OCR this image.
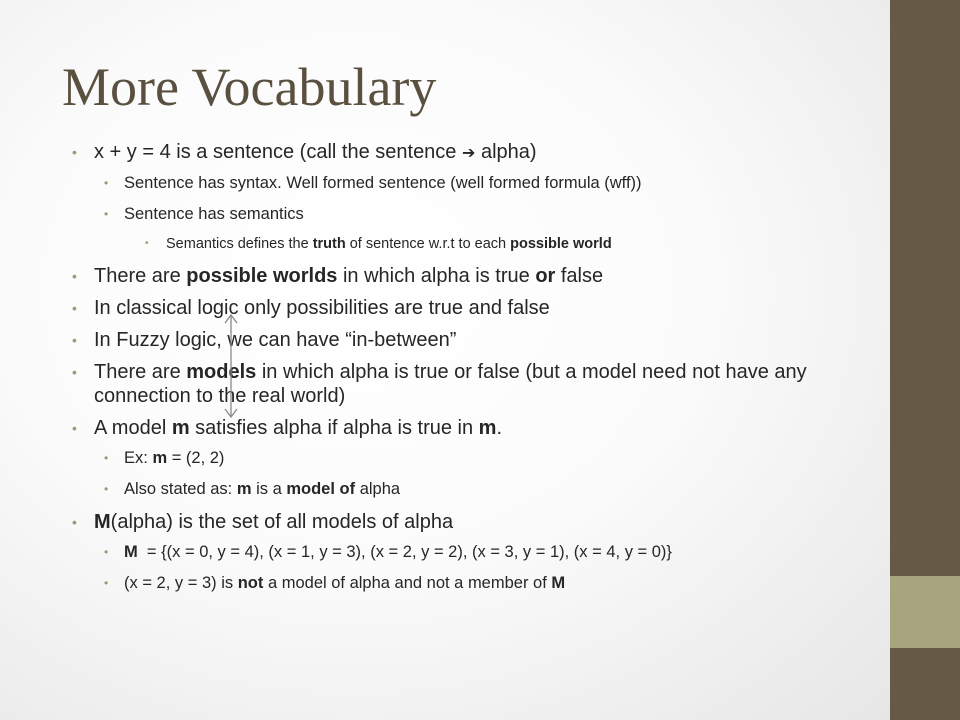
More Vocabulary
• x + y = 4 is a sentence (call the sentence ➔ alpha)
• Sentence has syntax. Well formed sentence (well formed formula (wff))
• Sentence has semantics
• Semantics defines the truth of sentence w.r.t to each possible world
• There are possible worlds in which alpha is true or false
• In classical logic only possibilities are true and false
• In Fuzzy logic, we can have “in-between”
• There are models in which alpha is true or false (but a model need not have any connection to the real world)
• A model m satisfies alpha if alpha is true in m.
• Ex: m = (2, 2)
• Also stated as: m is a model of alpha
• M(alpha) is the set of all models of alpha
• M  = {(x = 0, y = 4), (x = 1, y = 3), (x = 2, y = 2), (x = 3, y = 1), (x = 4, y = 0)}
• (x = 2, y = 3) is not a model of alpha and not a member of M
